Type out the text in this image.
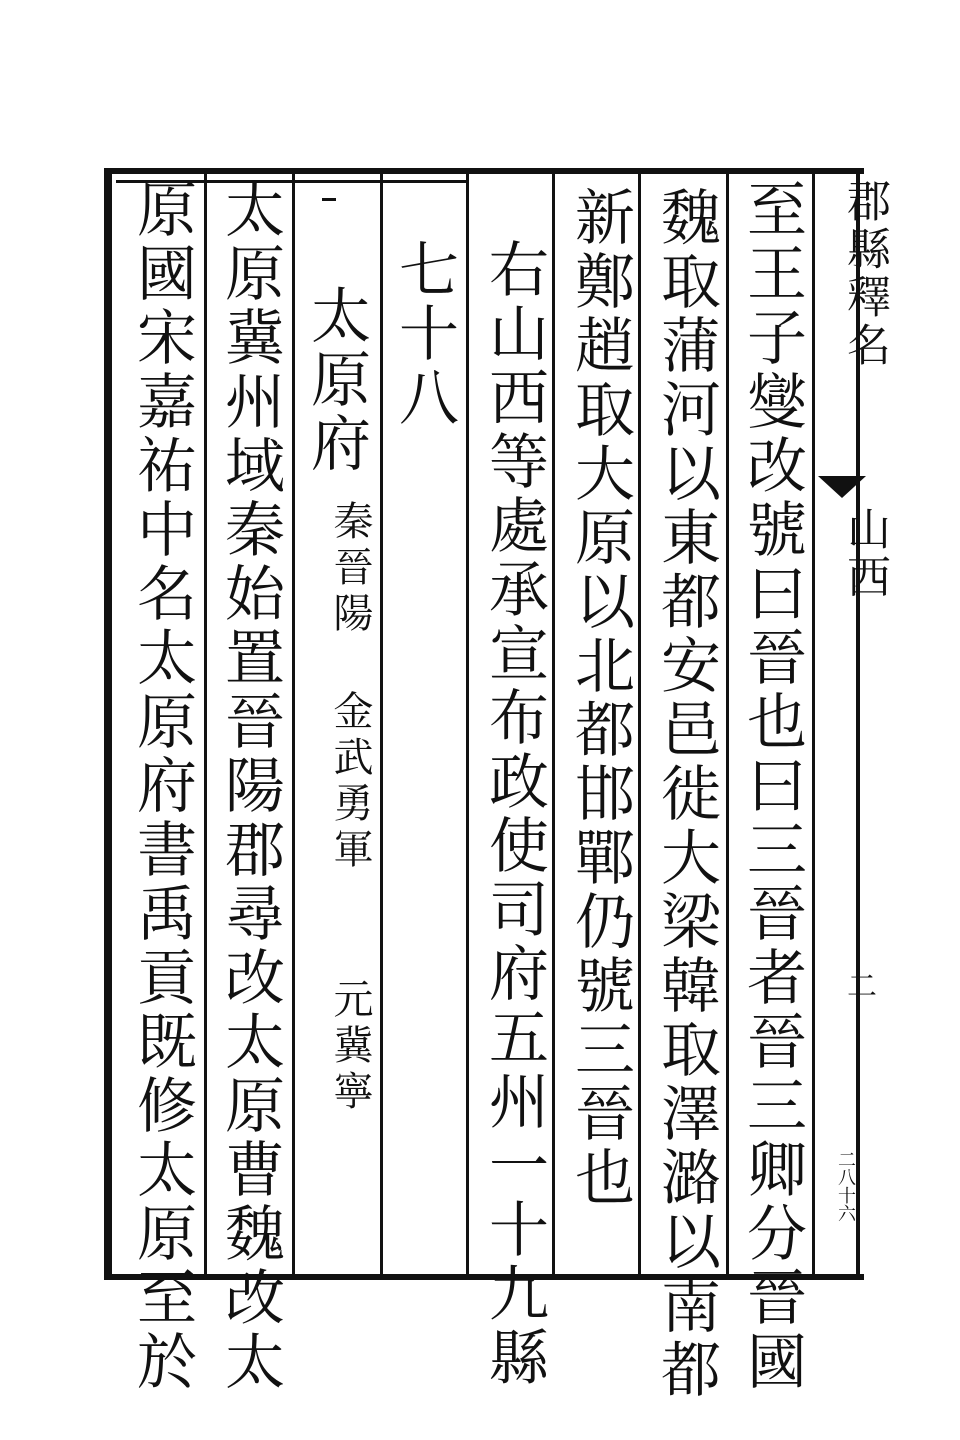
郡縣釋名
山西
二
二八十六
至王子燮改號曰晉也曰三晉者晉三卿分晉國
魏取蒲河以東都安邑徙大梁韓取澤潞以南都
新鄭趙取大原以北都邯鄲仍號三晉也
右山西等處承宣布政使司府五州一十九縣
七十八
太原府
秦晉陽
金武勇軍
元冀寧
太原冀州域秦始置晉陽郡尋改太原曹魏改太
原國宋嘉祐中名太原府書禹貢既修太原至於
